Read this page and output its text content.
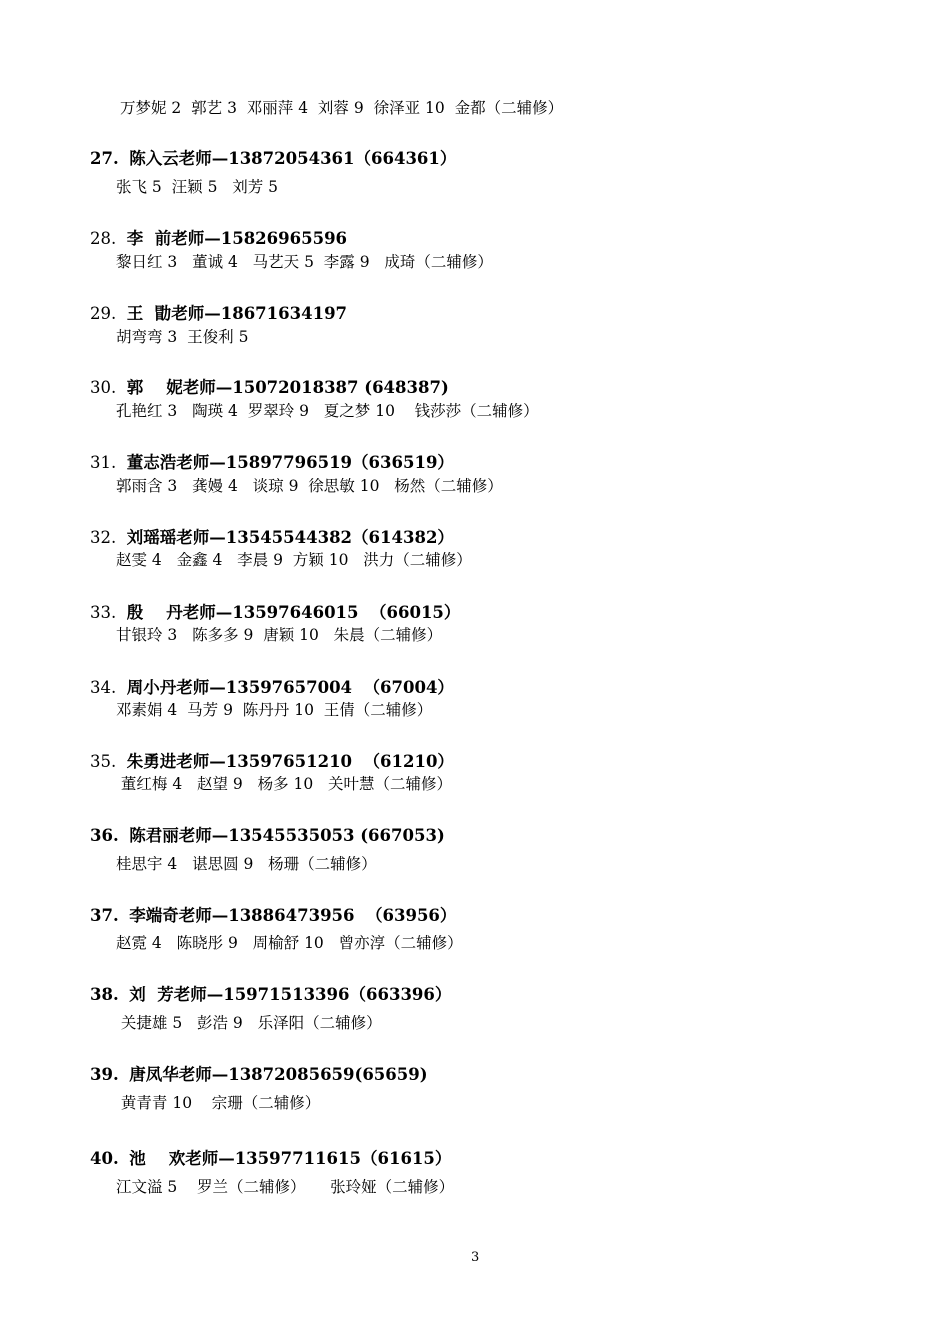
万梦妮 2  郭艺 3  邓丽萍 4  刘蓉 9  徐泽亚 10  金都（二辅修）
27. 陈入云老师—13872054361（664361）
张飞 5  汪颖 5   刘芳 5
28. 李  前老师—15826965596
黎日红 3   董诚 4   马艺天 5  李露 9   成琦（二辅修）
29. 王  勖老师—18671634197
胡弯弯 3  王俊利 5
30. 郭    妮老师—15072018387 (648387)
孔艳红 3   陶瑛 4  罗翠玲 9   夏之梦 10    钱莎莎（二辅修）
31. 董志浩老师—15897796519（636519）
郭雨含 3   龚嫚 4   谈琼 9  徐思敏 10   杨然（二辅修）
32. 刘瑶瑶老师—13545544382（614382）
赵雯 4   金鑫 4   李晨 9  方颖 10   洪力（二辅修）
33. 殷    丹老师—13597646015  （66015）
甘银玲 3   陈多多 9  唐颖 10   朱晨（二辅修）
34. 周小丹老师—13597657004  （67004）
邓素娟 4  马芳 9  陈丹丹 10  王倩（二辅修）
35. 朱勇进老师—13597651210  （61210）
董红梅 4   赵望 9   杨多 10   关叶慧（二辅修）
36. 陈君丽老师—13545535053 (667053)
桂思宇 4   谌思圆 9   杨珊（二辅修）
37. 李端奇老师—13886473956  （63956）
赵霓 4   陈晓彤 9   周榆舒 10   曾亦淳（二辅修）
38. 刘  芳老师—15971513396（663396）
关捷雄 5   彭浩 9   乐泽阳（二辅修）
39. 唐凤华老师—13872085659(65659)
黄青青 10    宗珊（二辅修）
40. 池    欢老师—13597711615（61615）
江文溢 5    罗兰（二辅修）     张玲娅（二辅修）
3
